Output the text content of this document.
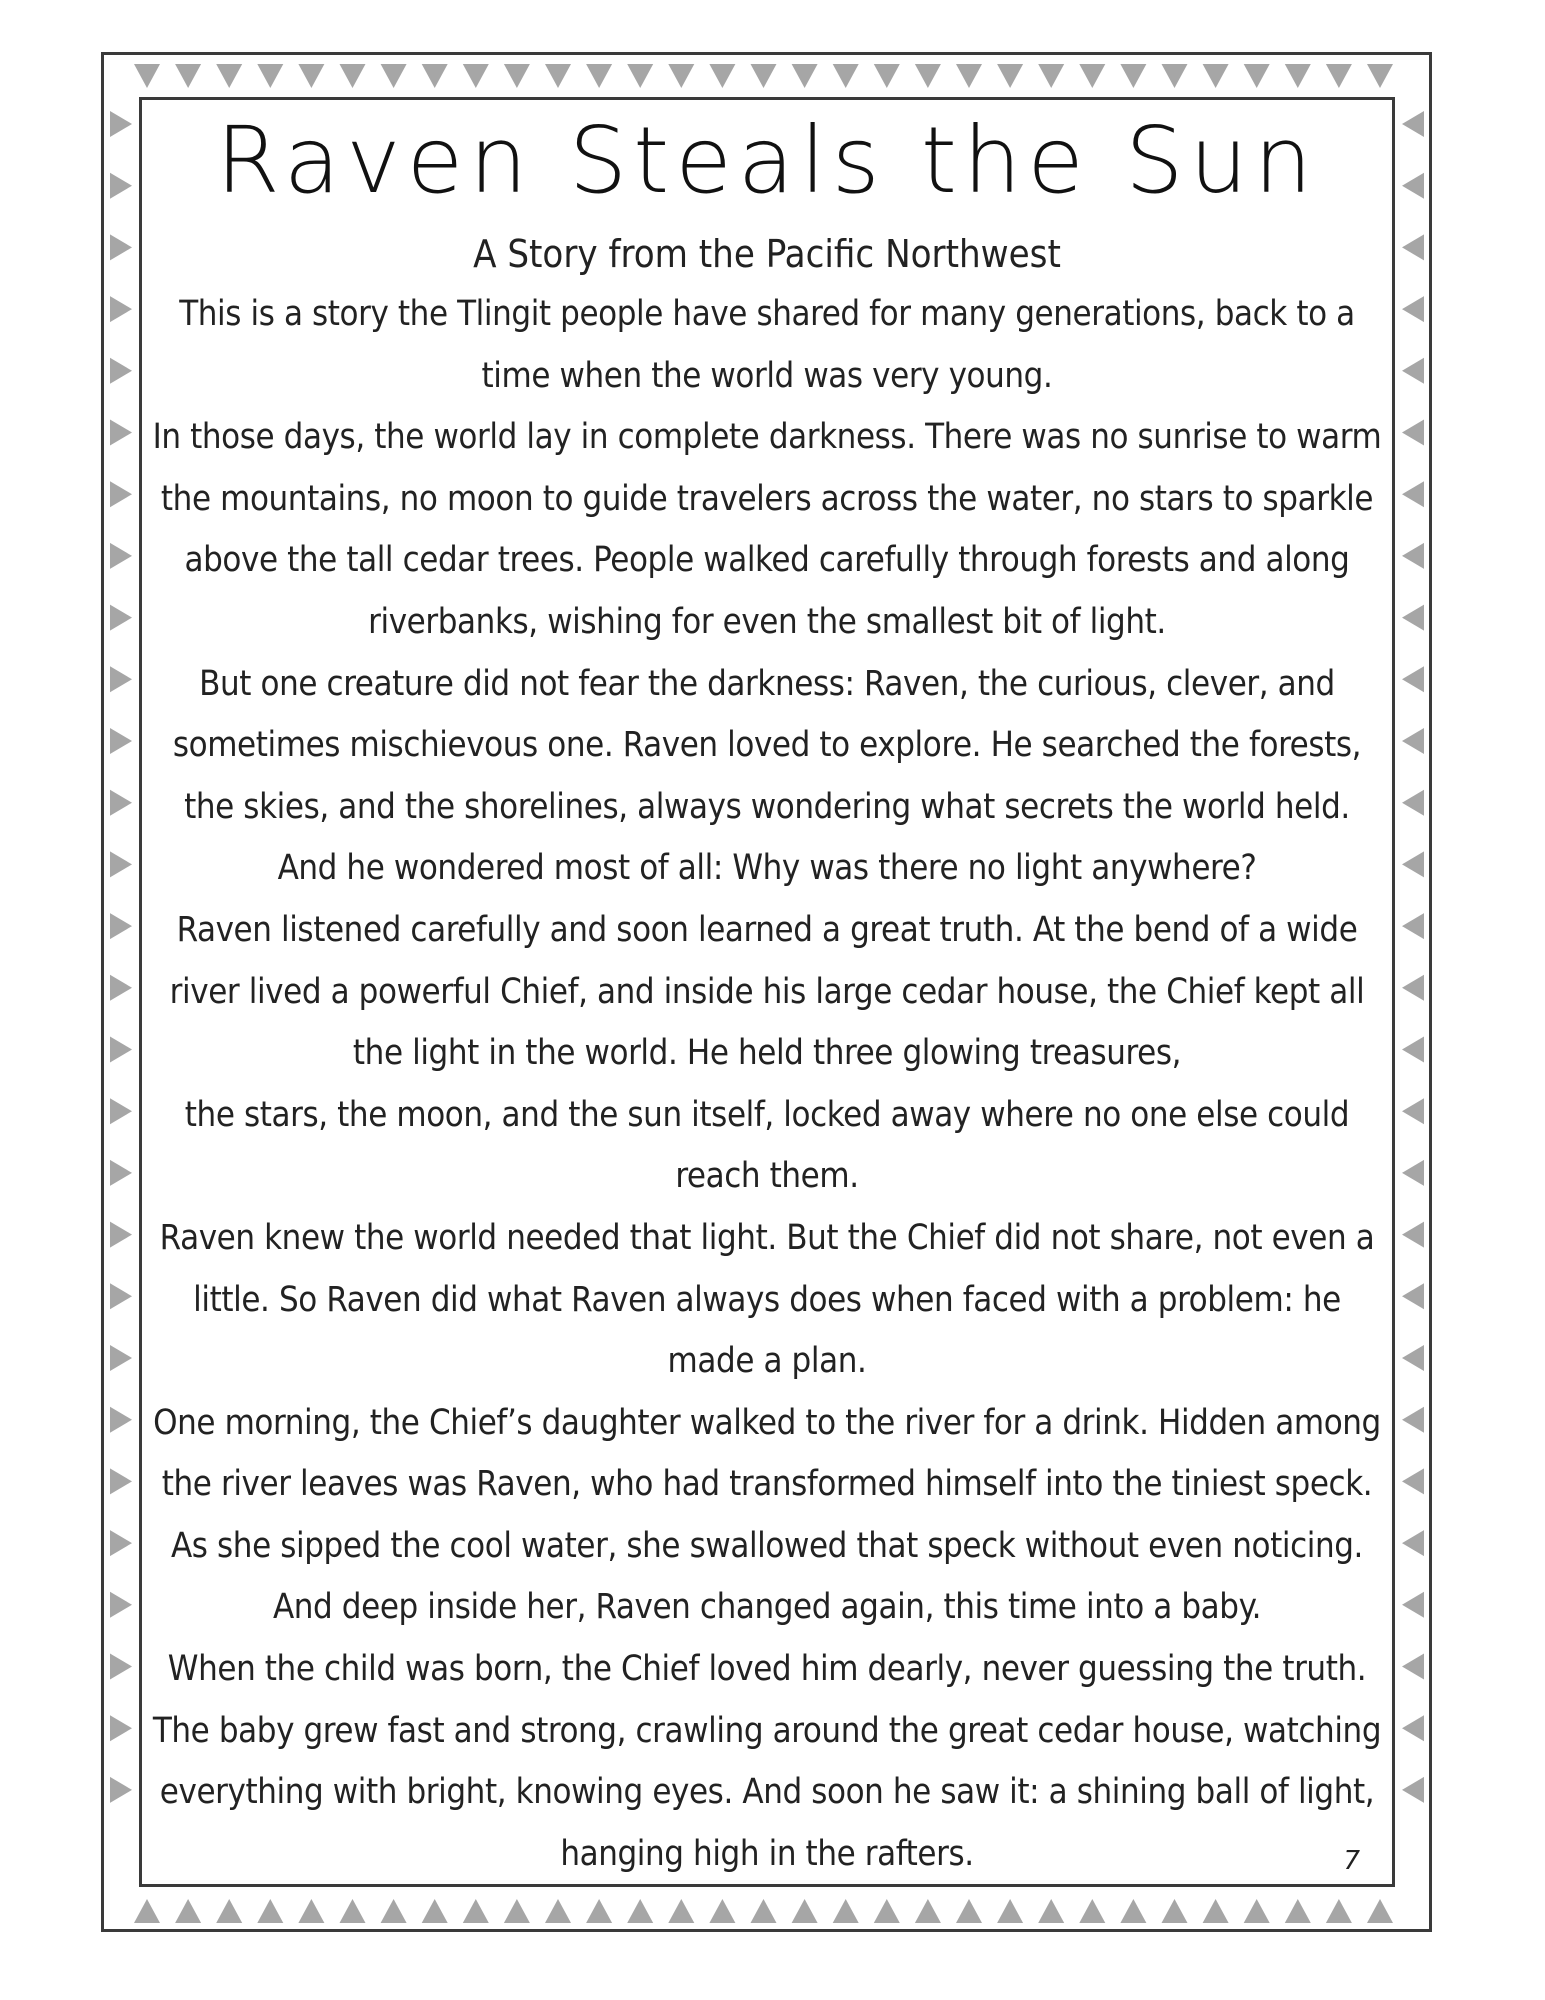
Raven Steals the Sun
A Story from the Pacific Northwest

This is a story the Tlingit people have shared for many generations, back to a time when the world was very young.

In those days, the world lay in complete darkness. There was no sunrise to warm the mountains, no moon to guide travelers across the water, no stars to sparkle above the tall cedar trees. People walked carefully through forests and along riverbanks, wishing for even the smallest bit of light.

But one creature did not fear the darkness: Raven, the curious, clever, and sometimes mischievous one. Raven loved to explore. He searched the forests, the skies, and the shorelines, always wondering what secrets the world held. And he wondered most of all: Why was there no light anywhere?

Raven listened carefully and soon learned a great truth. At the bend of a wide river lived a powerful Chief, and inside his large cedar house, the Chief kept all the light in the world. He held three glowing treasures,

the stars, the moon, and the sun itself, locked away where no one else could reach them.

Raven knew the world needed that light. But the Chief did not share, not even a little. So Raven did what Raven always does when faced with a problem: he made a plan.

One morning, the Chief’s daughter walked to the river for a drink. Hidden among the river leaves was Raven, who had transformed himself into the tiniest speck. As she sipped the cool water, she swallowed that speck without even noticing. And deep inside her, Raven changed again, this time into a baby.

When the child was born, the Chief loved him dearly, never guessing the truth. The baby grew fast and strong, crawling around the great cedar house, watching everything with bright, knowing eyes. And soon he saw it: a shining ball of light, hanging high in the rafters.	7
